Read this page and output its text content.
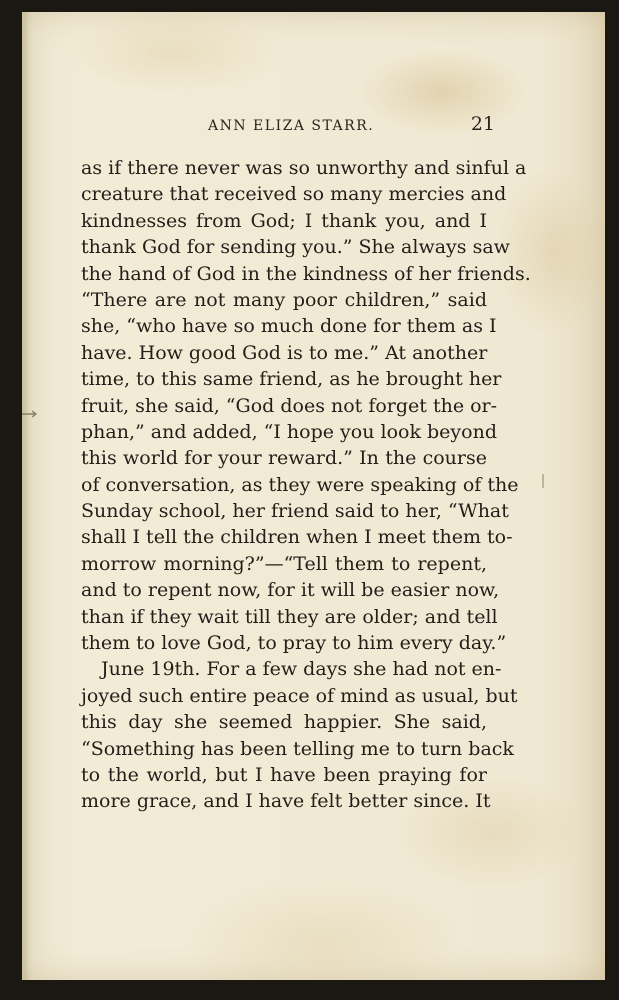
ANN ELIZA STARR.	21
as if there never was so unworthy and sinful a
creature that received so many mercies and
kindnesses from God; I thank you, and I
thank God for sending you.” She always saw
the hand of God in the kindness of her friends.
“There are not many poor children,” said
she, “who have so much done for them as I
have. How good God is to me.” At another
time, to this same friend, as he brought her
fruit, she said, “God does not forget the or-
phan,” and added, “I hope you look beyond
this world for your reward.” In the course
of conversation, as they were speaking of the
Sunday school, her friend said to her, “What
shall I tell the children when I meet them to-
morrow morning?”—“Tell them to repent,
and to repent now, for it will be easier now,
than if they wait till they are older; and tell
them to love God, to pray to him every day.”
June 19th. For a few days she had not en-
joyed such entire peace of mind as usual, but
this day she seemed happier. She said,
“Something has been telling me to turn back
to the world, but I have been praying for
more grace, and I have felt better since. It
